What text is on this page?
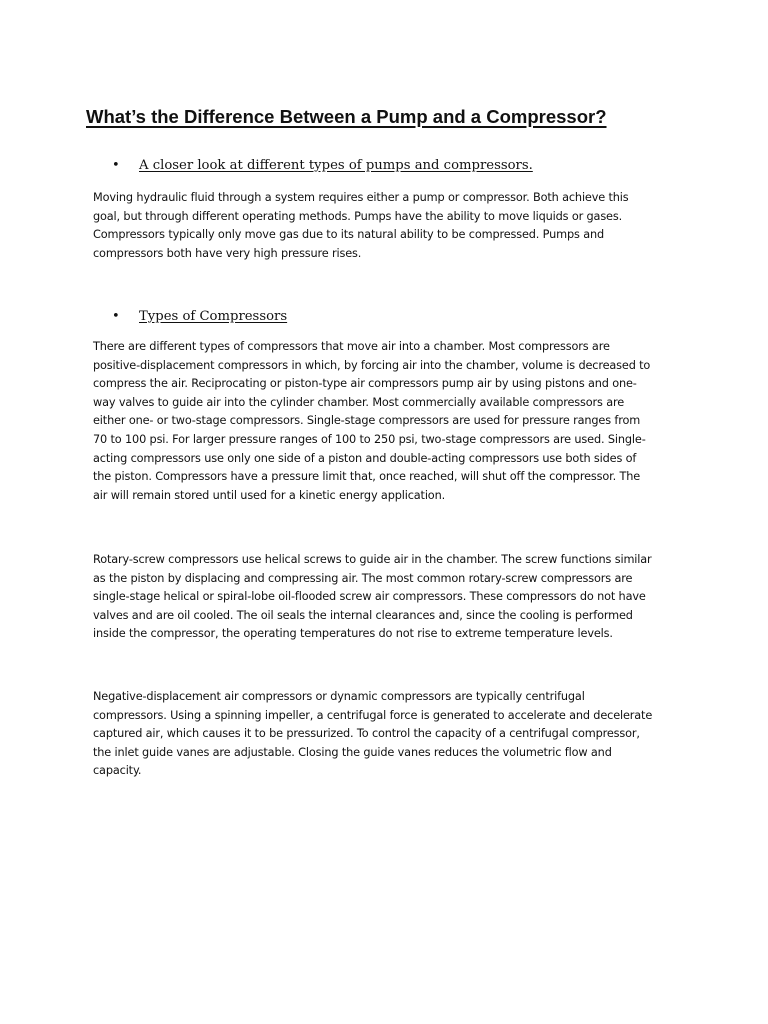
What’s the Difference Between a Pump and a Compressor?

• A closer look at different types of pumps and compressors.

Moving hydraulic fluid through a system requires either a pump or compressor. Both achieve this
goal, but through different operating methods. Pumps have the ability to move liquids or gases.
Compressors typically only move gas due to its natural ability to be compressed. Pumps and
compressors both have very high pressure rises.

• Types of Compressors

There are different types of compressors that move air into a chamber. Most compressors are
positive-displacement compressors in which, by forcing air into the chamber, volume is decreased to
compress the air. Reciprocating or piston-type air compressors pump air by using pistons and one-
way valves to guide air into the cylinder chamber. Most commercially available compressors are
either one- or two-stage compressors. Single-stage compressors are used for pressure ranges from
70 to 100 psi. For larger pressure ranges of 100 to 250 psi, two-stage compressors are used. Single-
acting compressors use only one side of a piston and double-acting compressors use both sides of
the piston. Compressors have a pressure limit that, once reached, will shut off the compressor. The
air will remain stored until used for a kinetic energy application.

Rotary-screw compressors use helical screws to guide air in the chamber. The screw functions similar
as the piston by displacing and compressing air. The most common rotary-screw compressors are
single-stage helical or spiral-lobe oil-flooded screw air compressors. These compressors do not have
valves and are oil cooled. The oil seals the internal clearances and, since the cooling is performed
inside the compressor, the operating temperatures do not rise to extreme temperature levels.

Negative-displacement air compressors or dynamic compressors are typically centrifugal
compressors. Using a spinning impeller, a centrifugal force is generated to accelerate and decelerate
captured air, which causes it to be pressurized. To control the capacity of a centrifugal compressor,
the inlet guide vanes are adjustable. Closing the guide vanes reduces the volumetric flow and
capacity.
